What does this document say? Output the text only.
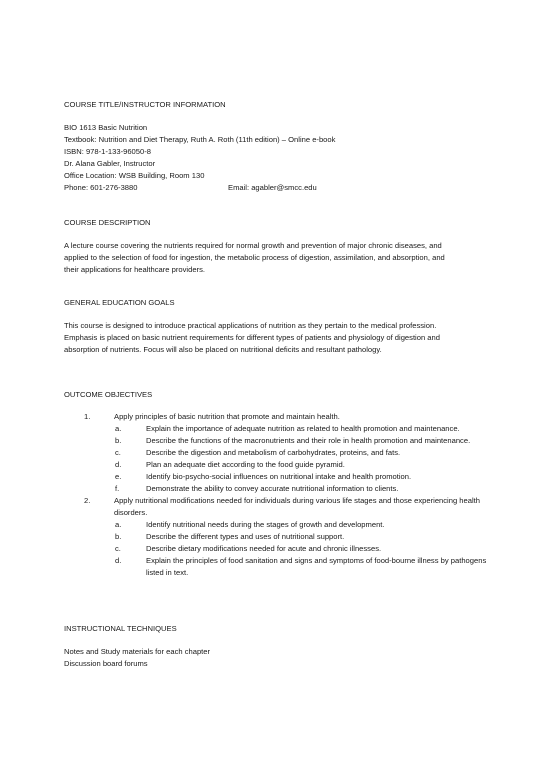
COURSE TITLE/INSTRUCTOR INFORMATION

BIO 1613 Basic Nutrition

Textbook: Nutrition and Diet Therapy, Ruth A. Roth (11th edition) – Online e-book

ISBN: 978-1-133-96050-8

Dr. Alana Gabler, Instructor

Office Location: WSB Building, Room 130

Phone: 601-276-3880	Email: agabler@smcc.edu

COURSE DESCRIPTION

A lecture course covering the nutrients required for normal growth and prevention of major chronic diseases, and

applied to the selection of food for ingestion, the metabolic process of digestion, assimilation, and absorption, and

their applications for healthcare providers.

GENERAL EDUCATION GOALS

This course is designed to introduce practical applications of nutrition as they pertain to the medical profession.

Emphasis is placed on basic nutrient requirements for different types of patients and physiology of digestion and

absorption of nutrients. Focus will also be placed on nutritional deficits and resultant pathology.

OUTCOME OBJECTIVES

1.	Apply principles of basic nutrition that promote and maintain health.
a.	Explain the importance of adequate nutrition as related to health promotion and maintenance.
b.	Describe the functions of the macronutrients and their role in health promotion and maintenance.
c.	Describe the digestion and metabolism of carbohydrates, proteins, and fats.
d.	Plan an adequate diet according to the food guide pyramid.
e.	Identify bio-psycho-social influences on nutritional intake and health promotion.
f.	Demonstrate the ability to convey accurate nutritional information to clients.
2.	Apply nutritional modifications needed for individuals during various life stages and those experiencing health disorders.
a.	Identify nutritional needs during the stages of growth and development.
b.	Describe the different types and uses of nutritional support.
c.	Describe dietary modifications needed for acute and chronic illnesses.
d.	Explain the principles of food sanitation and signs and symptoms of food-bourne illness by pathogens listed in text.

INSTRUCTIONAL TECHNIQUES

Notes and Study materials for each chapter

Discussion board forums
